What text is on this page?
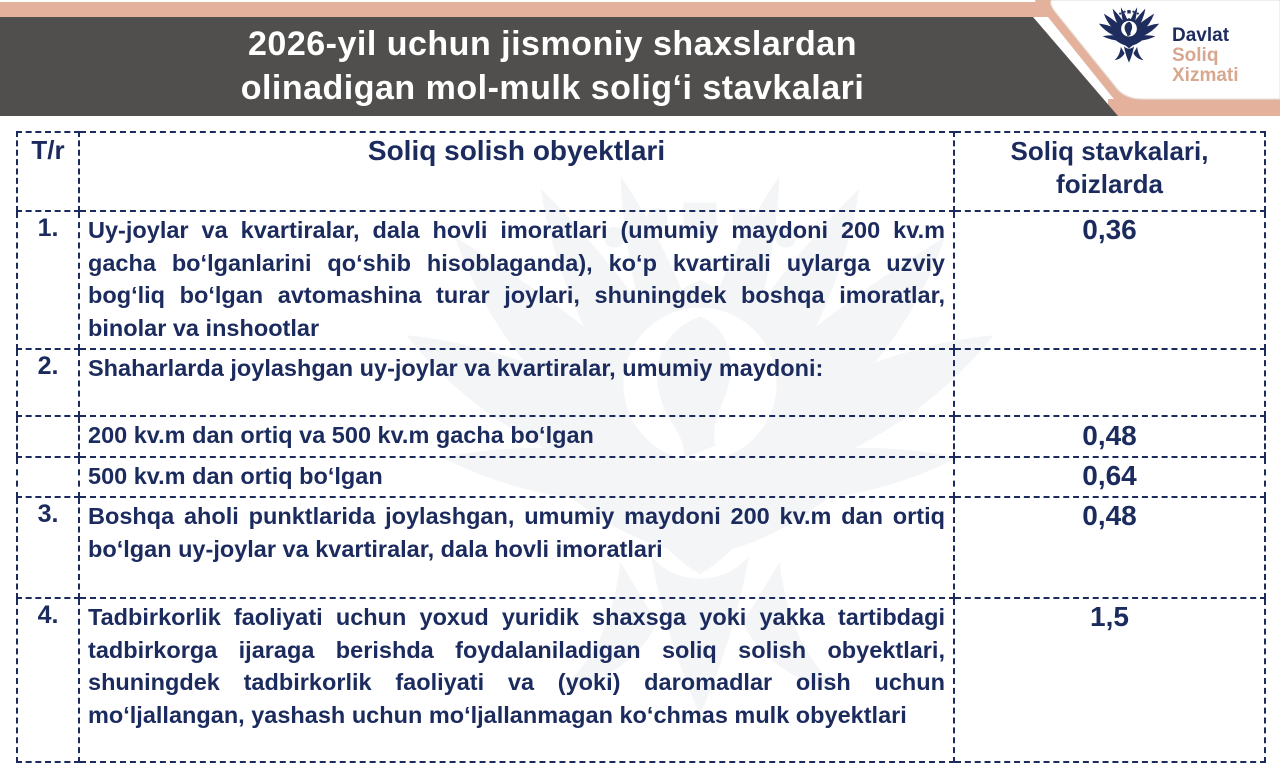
2026-yil uchun jismoniy shaxslardan
olinadigan mol-mulk soligʻi stavkalari
Davlat
Soliq
Xizmati
T/r	Soliq solish obyektlari	Soliq stavkalari, foizlarda
1.	Uy-joylar va kvartiralar, dala hovli imoratlari (umumiy maydoni 200 kv.m gacha boʻlganlarini qoʻshib hisoblaganda), koʻp kvartirali uylarga uzviy bogʻliq boʻlgan avtomashina turar joylari, shuningdek boshqa imoratlar, binolar va inshootlar	0,36
2.	Shaharlarda joylashgan uy-joylar va kvartiralar, umumiy maydoni:	
	200 kv.m dan ortiq va 500 kv.m gacha boʻlgan	0,48
	500 kv.m dan ortiq boʻlgan	0,64
3.	Boshqa aholi punktlarida joylashgan, umumiy maydoni 200 kv.m dan ortiq boʻlgan uy-joylar va kvartiralar, dala hovli imoratlari	0,48
4.	Tadbirkorlik faoliyati uchun yoxud yuridik shaxsga yoki yakka tartibdagi tadbirkorga ijaraga berishda foydalaniladigan soliq solish obyektlari, shuningdek tadbirkorlik faoliyati va (yoki) daromadlar olish uchun moʻljallangan, yashash uchun moʻljallanmagan koʻchmas mulk obyektlari	1,5
